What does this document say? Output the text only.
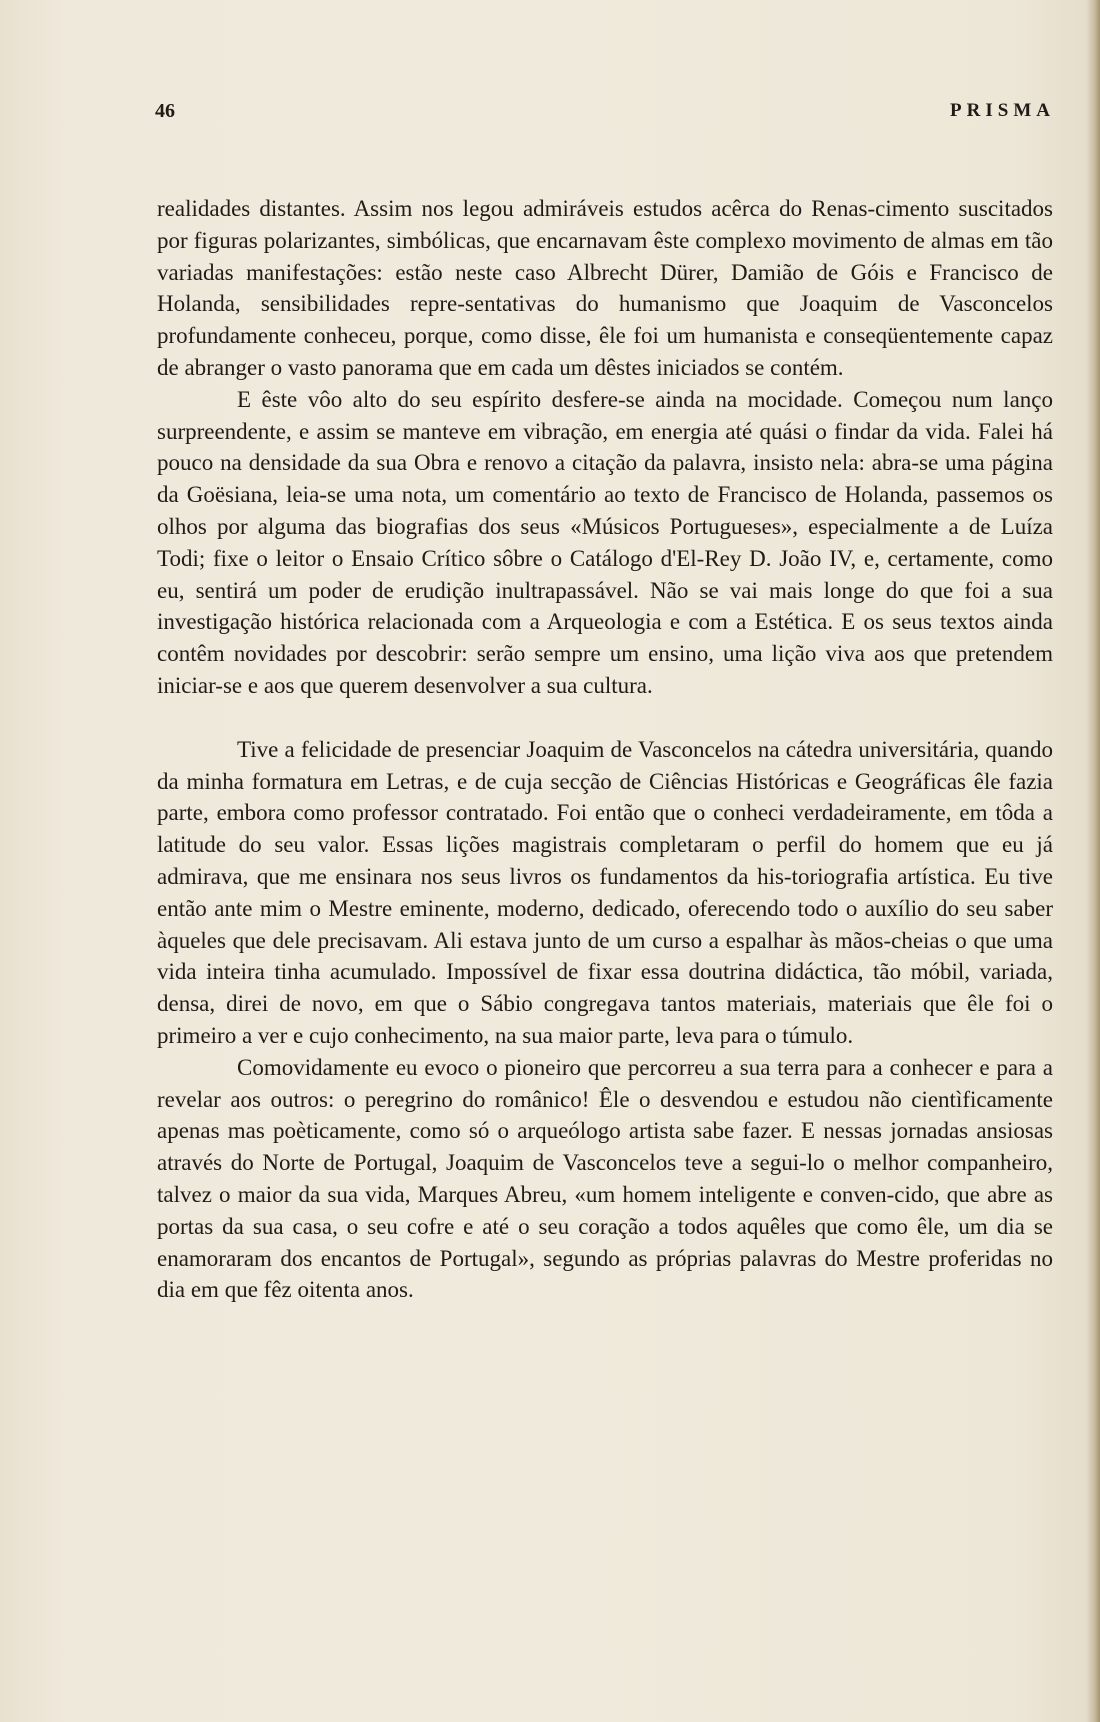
46	PRISMA

realidades distantes. Assim nos legou admiráveis estudos acêrca do Renas-cimento suscitados por figuras polarizantes, simbólicas, que encarnavam êste complexo movimento de almas em tão variadas manifestações: estão neste caso Albrecht Dürer, Damião de Góis e Francisco de Holanda, sensibilidades repre-sentativas do humanismo que Joaquim de Vasconcelos profundamente conheceu, porque, como disse, êle foi um humanista e conseqüentemente capaz de abranger o vasto panorama que em cada um dêstes iniciados se contém.

E êste vôo alto do seu espírito desfere-se ainda na mocidade. Começou num lanço surpreendente, e assim se manteve em vibração, em energia até quási o findar da vida. Falei há pouco na densidade da sua Obra e renovo a citação da palavra, insisto nela: abra-se uma página da Goësiana, leia-se uma nota, um comentário ao texto de Francisco de Holanda, passemos os olhos por alguma das biografias dos seus «Músicos Portugueses», especialmente a de Luíza Todi; fixe o leitor o Ensaio Crítico sôbre o Catálogo d'El-Rey D. João IV, e, certamente, como eu, sentirá um poder de erudição inultrapassável. Não se vai mais longe do que foi a sua investigação histórica relacionada com a Arqueologia e com a Estética. E os seus textos ainda contêm novidades por descobrir: serão sempre um ensino, uma lição viva aos que pretendem iniciar-se e aos que querem desenvolver a sua cultura.

Tive a felicidade de presenciar Joaquim de Vasconcelos na cátedra universitária, quando da minha formatura em Letras, e de cuja secção de Ciências Históricas e Geográficas êle fazia parte, embora como professor contratado. Foi então que o conheci verdadeiramente, em tôda a latitude do seu valor. Essas lições magistrais completaram o perfil do homem que eu já admirava, que me ensinara nos seus livros os fundamentos da his-toriografia artística. Eu tive então ante mim o Mestre eminente, moderno, dedicado, oferecendo todo o auxílio do seu saber àqueles que dele precisavam. Ali estava junto de um curso a espalhar às mãos-cheias o que uma vida inteira tinha acumulado. Impossível de fixar essa doutrina didáctica, tão móbil, variada, densa, direi de novo, em que o Sábio congregava tantos materiais, materiais que êle foi o primeiro a ver e cujo conhecimento, na sua maior parte, leva para o túmulo.

Comovidamente eu evoco o pioneiro que percorreu a sua terra para a conhecer e para a revelar aos outros: o peregrino do românico! Êle o desvendou e estudou não cientìficamente apenas mas poèticamente, como só o arqueólogo artista sabe fazer. E nessas jornadas ansiosas através do Norte de Portugal, Joaquim de Vasconcelos teve a segui-lo o melhor companheiro, talvez o maior da sua vida, Marques Abreu, «um homem inteligente e conven-cido, que abre as portas da sua casa, o seu cofre e até o seu coração a todos aquêles que como êle, um dia se enamoraram dos encantos de Portugal», segundo as próprias palavras do Mestre proferidas no dia em que fêz oitenta anos.
